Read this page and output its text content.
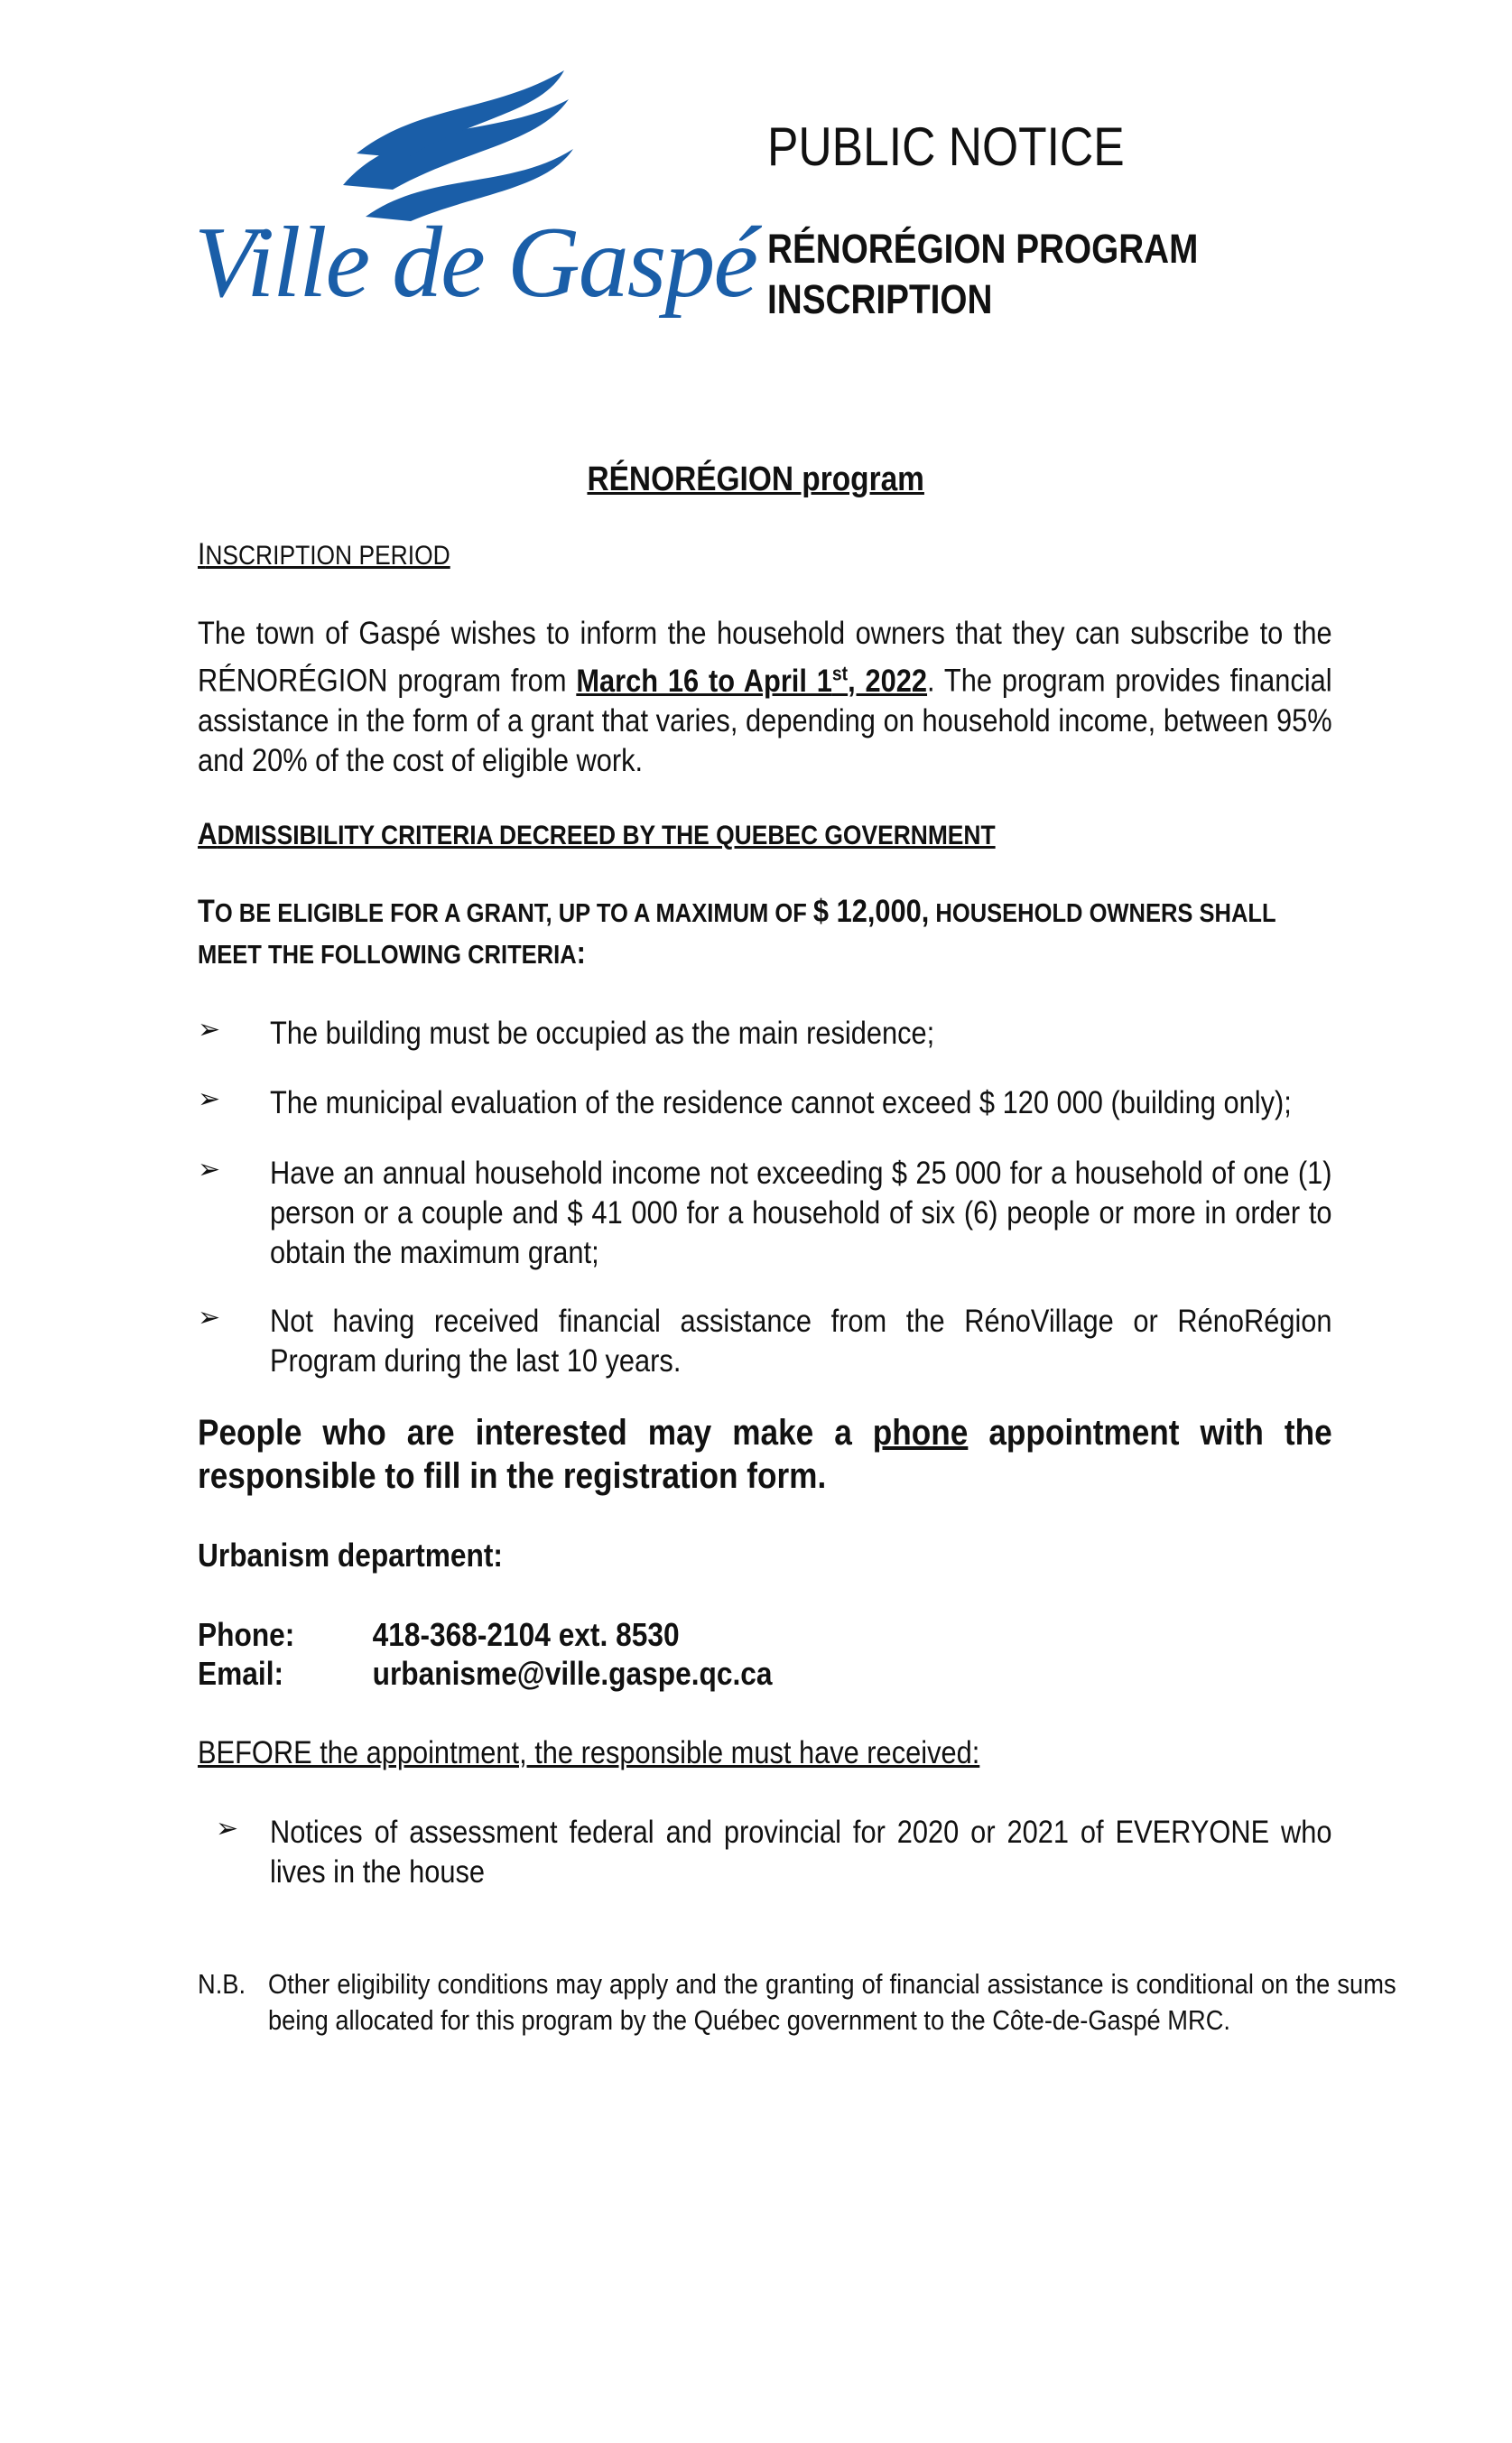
Ville de Gaspé
PUBLIC NOTICE
RÉNORÉGION PROGRAM
INSCRIPTION
RÉNORÉGION program
INSCRIPTION PERIOD
The town of Gaspé wishes to inform the household owners that they can subscribe to the RÉNORÉGION program from March 16 to April 1st, 2022. The program provides financial assistance in the form of a grant that varies, depending on household income, between 95% and 20% of the cost of eligible work.
ADMISSIBILITY CRITERIA DECREED BY THE QUEBEC GOVERNMENT
TO BE ELIGIBLE FOR A GRANT, UP TO A MAXIMUM OF $ 12,000, HOUSEHOLD OWNERS SHALL MEET THE FOLLOWING CRITERIA:
➢ The building must be occupied as the main residence;
➢ The municipal evaluation of the residence cannot exceed $ 120 000 (building only);
➢ Have an annual household income not exceeding $ 25 000 for a household of one (1) person or a couple and $ 41 000 for a household of six (6) people or more in order to obtain the maximum grant;
➢ Not having received financial assistance from the RénoVillage or RénoRégion Program during the last 10 years.
People who are interested may make a phone appointment with the responsible to fill in the registration form.
Urbanism department:
Phone: 418-368-2104 ext. 8530
Email:	urbanisme@ville.gaspe.qc.ca
BEFORE the appointment, the responsible must have received:
➢ Notices of assessment federal and provincial for 2020 or 2021 of EVERYONE who lives in the house
N.B. Other eligibility conditions may apply and the granting of financial assistance is conditional on the sums being allocated for this program by the Québec government to the Côte-de-Gaspé MRC.
